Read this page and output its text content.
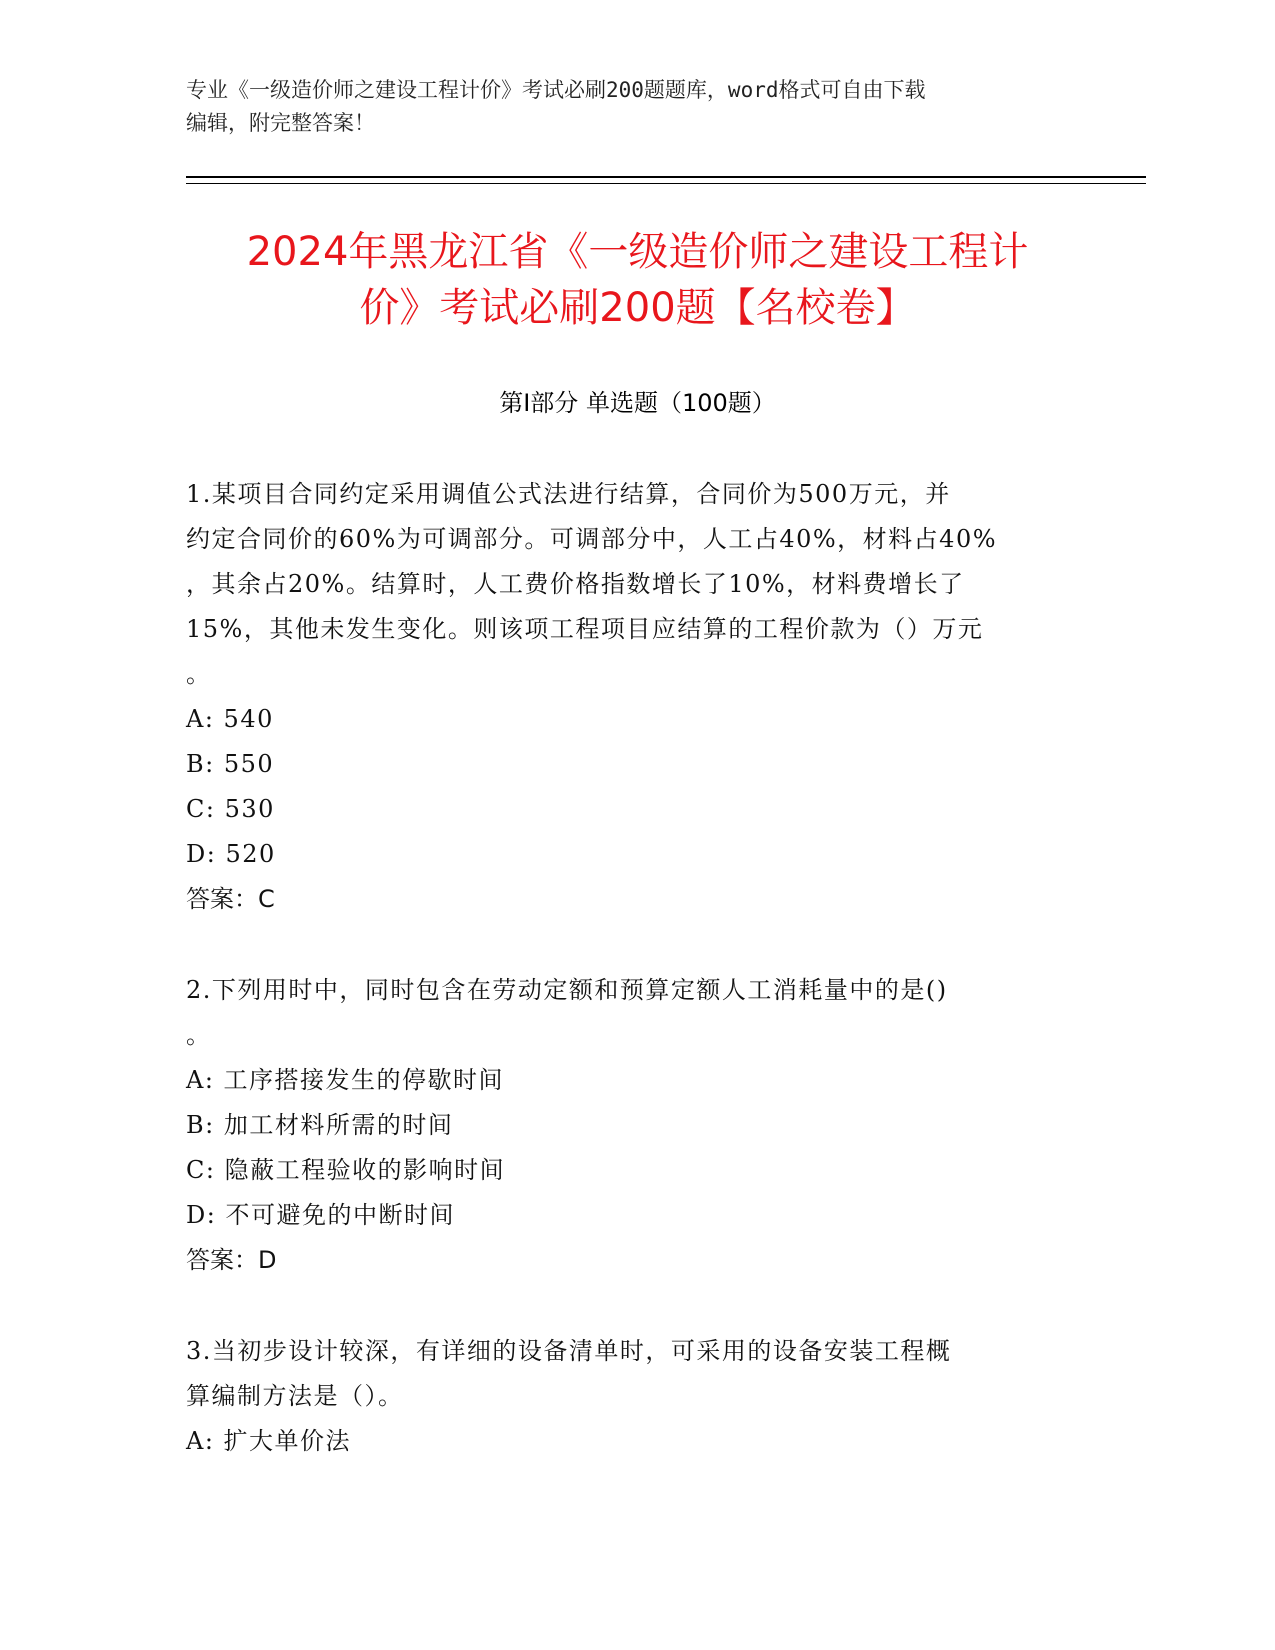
专业《一级造价师之建设工程计价》考试必刷200题题库，word格式可自由下载
编辑，附完整答案！
2024年黑龙江省《一级造价师之建设工程计
价》考试必刷200题【名校卷】
第I部分 单选题（100题）
1.某项目合同约定采用调值公式法进行结算，合同价为500万元，并
约定合同价的60%为可调部分。可调部分中，人工占40%，材料占40%
，其余占20%。结算时，人工费价格指数增长了10%，材料费增长了
15%，其他未发生变化。则该项工程项目应结算的工程价款为（）万元
。
A: 540
B: 550
C: 530
D: 520
答案：C
2.下列用时中，同时包含在劳动定额和预算定额人工消耗量中的是()
。
A: 工序搭接发生的停歇时间
B: 加工材料所需的时间
C: 隐蔽工程验收的影响时间
D: 不可避免的中断时间
答案：D
3.当初步设计较深，有详细的设备清单时，可采用的设备安装工程概
算编制方法是（）。
A: 扩大单价法
